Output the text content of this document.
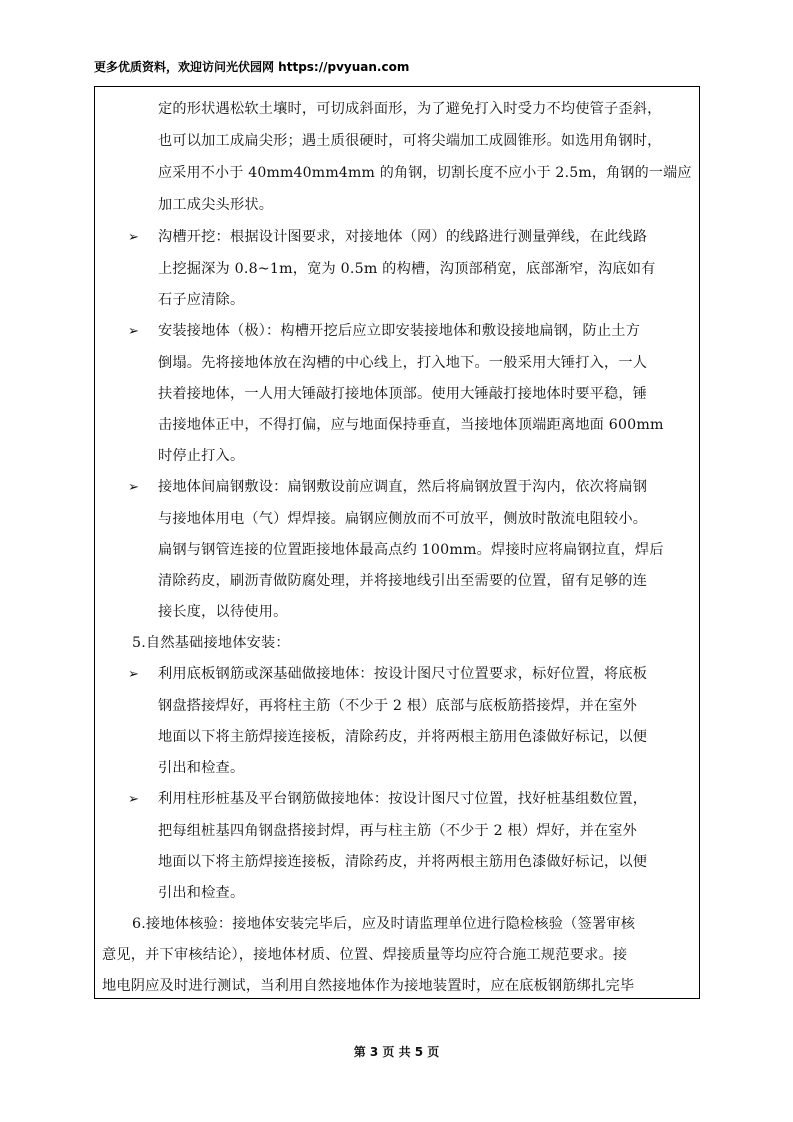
更多优质资料，欢迎访问光伏园网 https://pvyuan.com
定的形状遇松软土壤时，可切成斜面形，为了避免打入时受力不均使管子歪斜，
也可以加工成扁尖形；遇土质很硬时，可将尖端加工成圆锥形。如选用角钢时，
应采用不小于 40mm40mm4mm 的角钢，切割长度不应小于 2.5m，角钢的一端应
加工成尖头形状。
➢ 沟槽开挖：根据设计图要求，对接地体（网）的线路进行测量弹线，在此线路
上挖掘深为 0.8~1m，宽为 0.5m 的构槽，沟顶部稍宽，底部渐窄，沟底如有
石子应清除。
➢ 安装接地体（极）：构槽开挖后应立即安装接地体和敷设接地扁钢，防止土方
倒塌。先将接地体放在沟槽的中心线上，打入地下。一般采用大锤打入，一人
扶着接地体，一人用大锤敲打接地体顶部。使用大锤敲打接地体时要平稳，锤
击接地体正中，不得打偏，应与地面保持垂直，当接地体顶端距离地面 600mm
时停止打入。
➢ 接地体间扁钢敷设：扁钢敷设前应调直，然后将扁钢放置于沟内，依次将扁钢
与接地体用电（气）焊焊接。扁钢应侧放而不可放平，侧放时散流电阻较小。
扁钢与钢管连接的位置距接地体最高点约 100mm。焊接时应将扁钢拉直，焊后
清除药皮，刷沥青做防腐处理，并将接地线引出至需要的位置，留有足够的连
接长度，以待使用。
5.自然基础接地体安装：
➢ 利用底板钢筋或深基础做接地体：按设计图尺寸位置要求，标好位置，将底板
钢盘搭接焊好，再将柱主筋（不少于 2 根）底部与底板筋搭接焊，并在室外
地面以下将主筋焊接连接板，清除药皮，并将两根主筋用色漆做好标记，以便
引出和检查。
➢ 利用柱形桩基及平台钢筋做接地体：按设计图尺寸位置，找好桩基组数位置，
把每组桩基四角钢盘搭接封焊，再与柱主筋（不少于 2 根）焊好，并在室外
地面以下将主筋焊接连接板，清除药皮，并将两根主筋用色漆做好标记，以便
引出和检查。
6.接地体核验：接地体安装完毕后，应及时请监理单位进行隐检核验（签署审核
意见，并下审核结论），接地体材质、位置、焊接质量等均应符合施工规范要求。接
地电阴应及时进行测试，当利用自然接地体作为接地装置时，应在底板钢筋绑扎完毕
第 3 页 共 5 页
